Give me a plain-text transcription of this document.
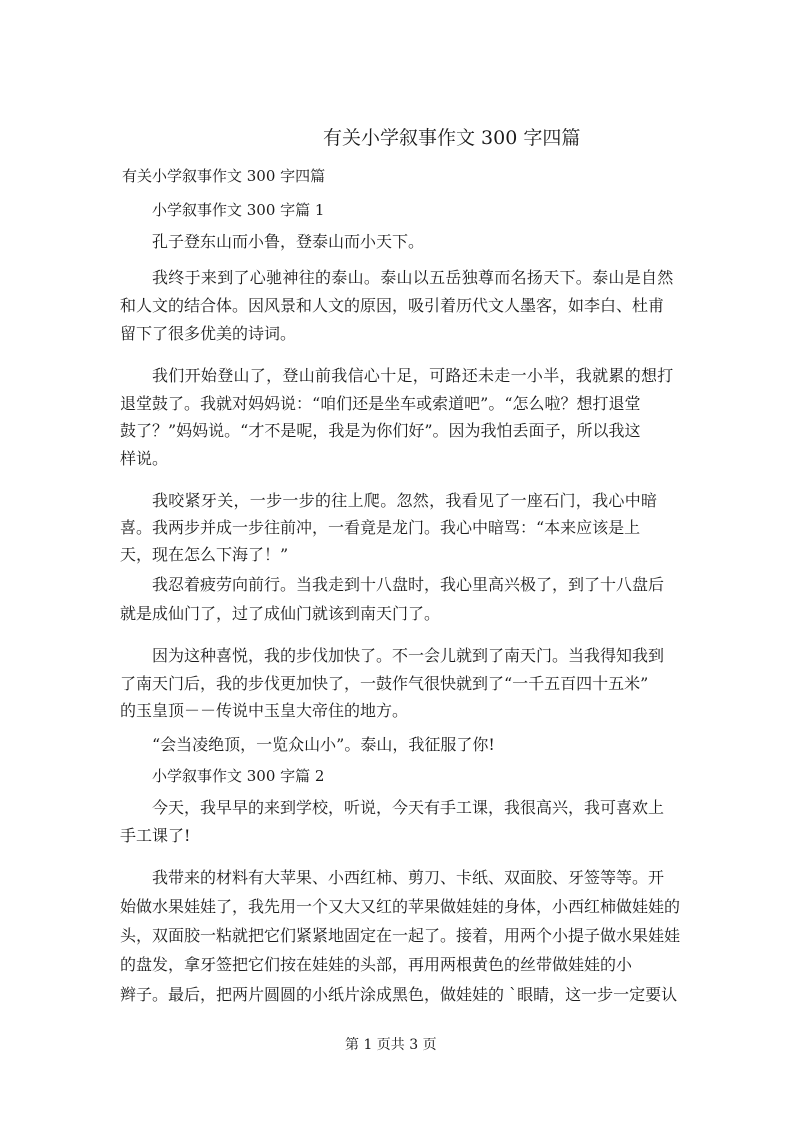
有关小学叙事作文 300 字四篇
有关小学叙事作文 300 字四篇
小学叙事作文 300 字篇 1
孔子登东山而小鲁，登泰山而小天下。
我终于来到了心驰神往的泰山。泰山以五岳独尊而名扬天下。泰山是自然
和人文的结合体。因风景和人文的原因，吸引着历代文人墨客，如李白、杜甫
留下了很多优美的诗词。
我们开始登山了，登山前我信心十足，可路还未走一小半，我就累的想打
退堂鼓了。我就对妈妈说：“咱们还是坐车或索道吧”。“怎么啦？想打退堂
鼓了？”妈妈说。“才不是呢，我是为你们好”。因为我怕丢面子，所以我这
样说。
我咬紧牙关，一步一步的往上爬。忽然，我看见了一座石门，我心中暗
喜。我两步并成一步往前冲，一看竟是龙门。我心中暗骂：“本来应该是上
天，现在怎么下海了！”
我忍着疲劳向前行。当我走到十八盘时，我心里高兴极了，到了十八盘后
就是成仙门了，过了成仙门就该到南天门了。
因为这种喜悦，我的步伐加快了。不一会儿就到了南天门。当我得知我到
了南天门后，我的步伐更加快了，一鼓作气很快就到了“一千五百四十五米”
的玉皇顶－－传说中玉皇大帝住的地方。
“会当凌绝顶，一览众山小”。泰山，我征服了你!
小学叙事作文 300 字篇 2
今天，我早早的来到学校，听说，今天有手工课，我很高兴，我可喜欢上
手工课了!
我带来的材料有大苹果、小西红柿、剪刀、卡纸、双面胶、牙签等等。开
始做水果娃娃了，我先用一个又大又红的苹果做娃娃的身体，小西红柿做娃娃的
头，双面胶一粘就把它们紧紧地固定在一起了。接着，用两个小提子做水果娃娃
的盘发，拿牙签把它们按在娃娃的头部，再用两根黄色的丝带做娃娃的小
辫子。最后，把两片圆圆的小纸片涂成黑色，做娃娃的 ˋ眼睛，这一步一定要认
第 1 页共 3 页
